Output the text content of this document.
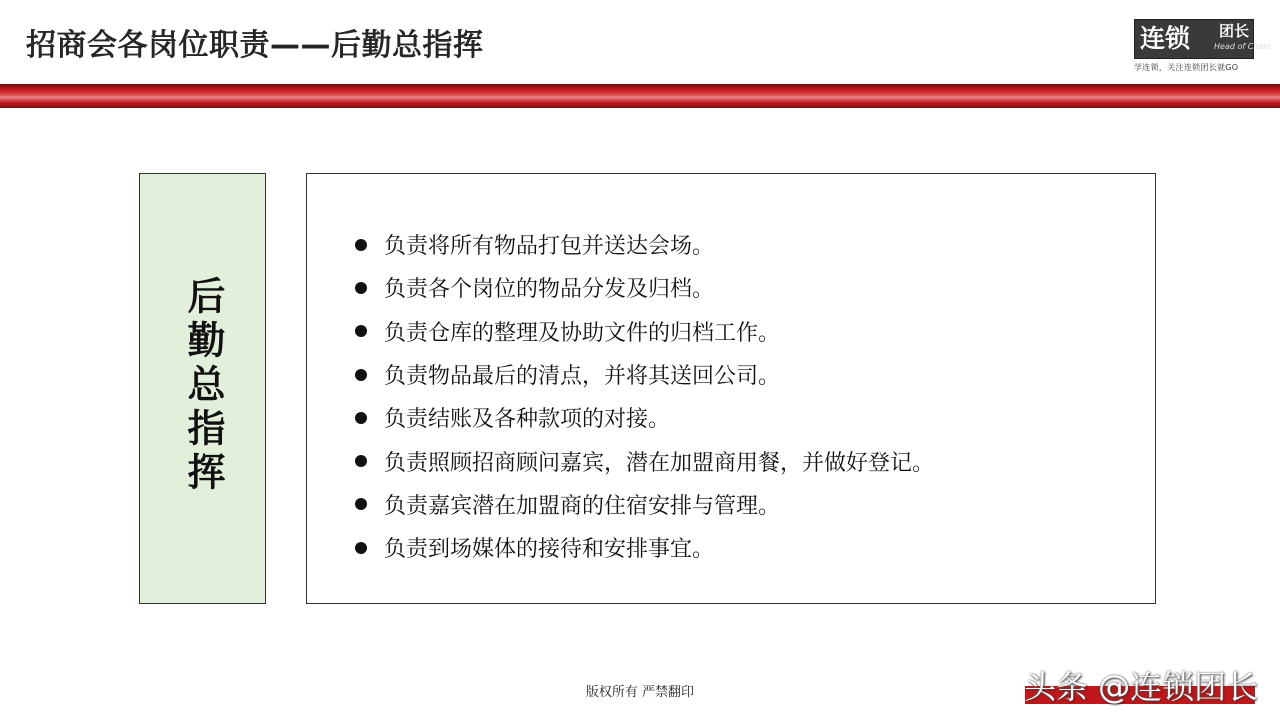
招商会各岗位职责——后勤总指挥	连锁 团长
Head of Chain
学连锁，关注连锁团长就GO
后勤总指挥
负责将所有物品打包并送达会场。
负责各个岗位的物品分发及归档。
负责仓库的整理及协助文件的归档工作。
负责物品最后的清点，并将其送回公司。
负责结账及各种款项的对接。
负责照顾招商顾问嘉宾，潜在加盟商用餐，并做好登记。
负责嘉宾潜在加盟商的住宿安排与管理。
负责到场媒体的接待和安排事宜。
版权所有 严禁翻印	头条 @连锁团长
